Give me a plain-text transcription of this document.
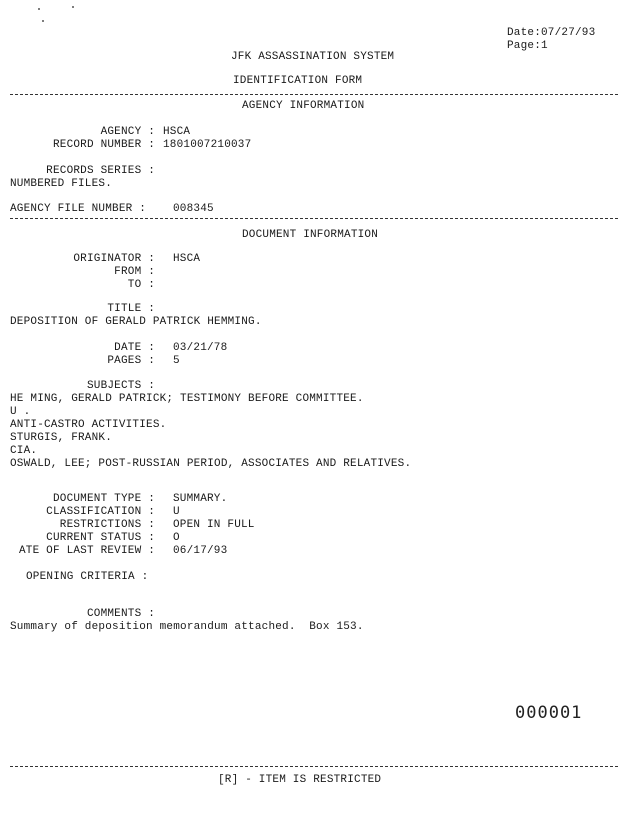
Date:07/27/93
Page:1
JFK ASSASSINATION SYSTEM
IDENTIFICATION FORM
AGENCY INFORMATION
AGENCY : HSCA
RECORD NUMBER : 1801007210037
RECORDS SERIES :
NUMBERED FILES.
AGENCY FILE NUMBER : 008345
DOCUMENT INFORMATION
ORIGINATOR : HSCA
FROM :
TO :
TITLE :
DEPOSITION OF GERALD PATRICK HEMMING.
DATE : 03/21/78
PAGES : 5
SUBJECTS :
HE MING, GERALD PATRICK; TESTIMONY BEFORE COMMITTEE.
U .
ANTI-CASTRO ACTIVITIES.
STURGIS, FRANK.
CIA.
OSWALD, LEE; POST-RUSSIAN PERIOD, ASSOCIATES AND RELATIVES.
DOCUMENT TYPE : SUMMARY.
CLASSIFICATION : U
RESTRICTIONS : OPEN IN FULL
CURRENT STATUS : O
ATE OF LAST REVIEW : 06/17/93
OPENING CRITERIA :
COMMENTS :
Summary of deposition memorandum attached.  Box 153.
000001
[R] - ITEM IS RESTRICTED
